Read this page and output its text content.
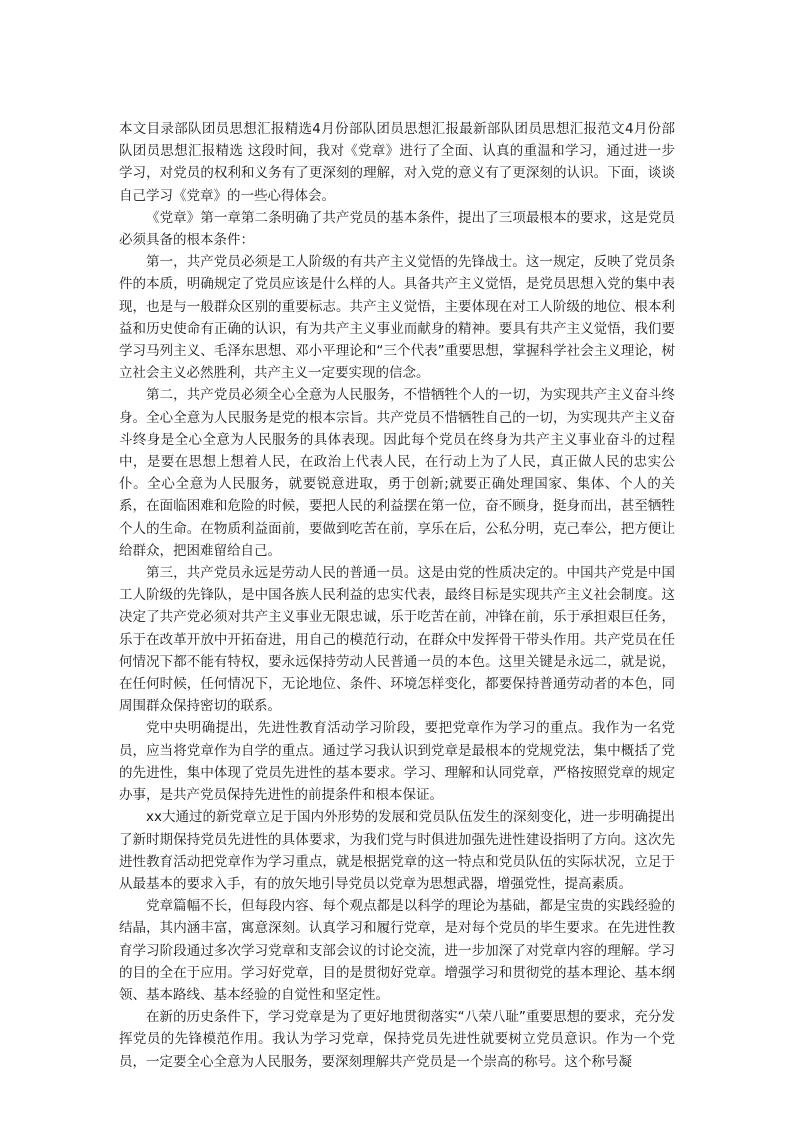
本文目录部队团员思想汇报精选4月份部队团员思想汇报最新部队团员思想汇报范文4月份部队团员思想汇报精选 这段时间，我对《党章》进行了全面、认真的重温和学习，通过进一步学习，对党员的权利和义务有了更深刻的理解，对入党的意义有了更深刻的认识。下面，谈谈自己学习《党章》的一些心得体会。

《党章》第一章第二条明确了共产党员的基本条件，提出了三项最根本的要求，这是党员必须具备的根本条件：

第一，共产党员必须是工人阶级的有共产主义觉悟的先锋战士。这一规定，反映了党员条件的本质，明确规定了党员应该是什么样的人。具备共产主义觉悟，是党员思想入党的集中表现，也是与一般群众区别的重要标志。共产主义觉悟，主要体现在对工人阶级的地位、根本利益和历史使命有正确的认识，有为共产主义事业而献身的精神。要具有共产主义觉悟，我们要学习马列主义、毛泽东思想、邓小平理论和“三个代表”重要思想，掌握科学社会主义理论，树立社会主义必然胜利，共产主义一定要实现的信念。

第二，共产党员必须全心全意为人民服务，不惜牺牲个人的一切，为实现共产主义奋斗终身。全心全意为人民服务是党的根本宗旨。共产党员不惜牺牲自己的一切，为实现共产主义奋斗终身是全心全意为人民服务的具体表现。因此每个党员在终身为共产主义事业奋斗的过程中，是要在思想上想着人民，在政治上代表人民，在行动上为了人民，真正做人民的忠实公仆。全心全意为人民服务，就要锐意进取，勇于创新;就要正确处理国家、集体、个人的关系，在面临困难和危险的时候，要把人民的利益摆在第一位，奋不顾身，挺身而出，甚至牺牲个人的生命。在物质利益面前，要做到吃苦在前，享乐在后，公私分明，克己奉公，把方便让给群众，把困难留给自己。

第三，共产党员永远是劳动人民的普通一员。这是由党的性质决定的。中国共产党是中国工人阶级的先锋队，是中国各族人民利益的忠实代表，最终目标是实现共产主义社会制度。这决定了共产党必须对共产主义事业无限忠诚，乐于吃苦在前，冲锋在前，乐于承担艰巨任务，乐于在改革开放中开拓奋进，用自己的模范行动，在群众中发挥骨干带头作用。共产党员在任何情况下都不能有特权，要永远保持劳动人民普通一员的本色。这里关键是永远二，就是说，在任何时候，任何情况下，无论地位、条件、环境怎样变化，都要保持普通劳动者的本色，同周围群众保持密切的联系。

党中央明确提出，先进性教育活动学习阶段，要把党章作为学习的重点。我作为一名党员，应当将党章作为自学的重点。通过学习我认识到党章是最根本的党规党法，集中概括了党的先进性，集中体现了党员先进性的基本要求。学习、理解和认同党章，严格按照党章的规定办事，是共产党员保持先进性的前提条件和根本保证。

xx大通过的新党章立足于国内外形势的发展和党员队伍发生的深刻变化，进一步明确提出了新时期保持党员先进性的具体要求，为我们党与时俱进加强先进性建设指明了方向。这次先进性教育活动把党章作为学习重点，就是根据党章的这一特点和党员队伍的实际状况，立足于从最基本的要求入手，有的放矢地引导党员以党章为思想武器，增强党性，提高素质。

党章篇幅不长，但每段内容、每个观点都是以科学的理论为基础，都是宝贵的实践经验的结晶，其内涵丰富，寓意深刻。认真学习和履行党章，是对每个党员的毕生要求。在先进性教育学习阶段通过多次学习党章和支部会议的讨论交流，进一步加深了对党章内容的理解。学习的目的全在于应用。学习好党章，目的是贯彻好党章。增强学习和贯彻党的基本理论、基本纲领、基本路线、基本经验的自觉性和坚定性。

在新的历史条件下，学习党章是为了更好地贯彻落实“八荣八耻”重要思想的要求，充分发挥党员的先锋模范作用。我认为学习党章，保持党员先进性就要树立党员意识。作为一个党员，一定要全心全意为人民服务，要深刻理解共产党员是一个崇高的称号。这个称号凝
